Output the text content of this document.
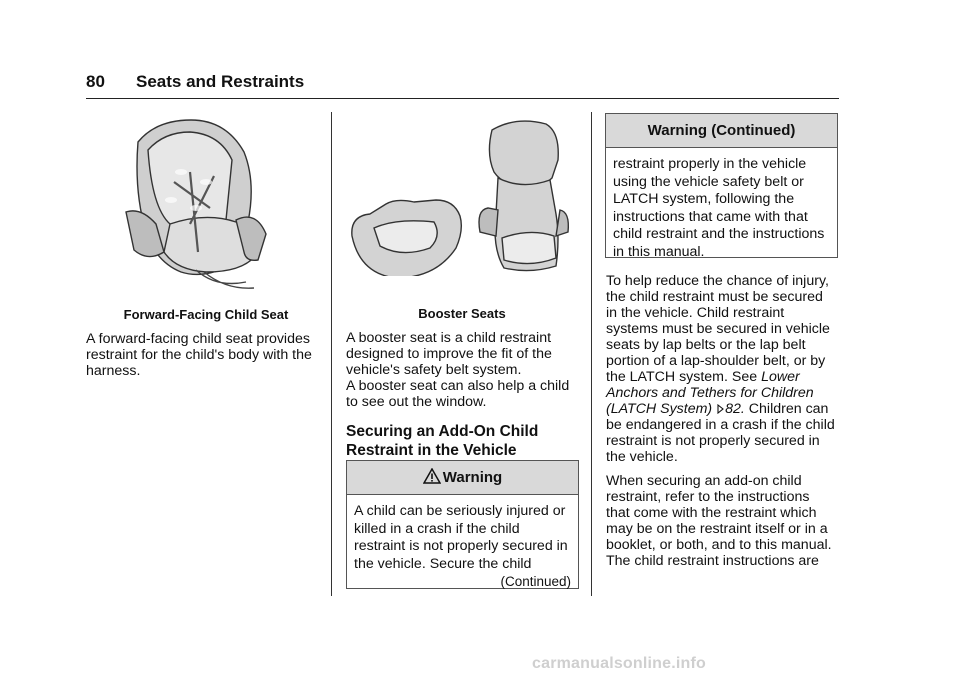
80 Seats and Restraints
Forward-Facing Child Seat

A forward-facing child seat provides
restraint for the child's body with the
harness.

Booster Seats

A booster seat is a child restraint
designed to improve the fit of the
vehicle's safety belt system.
A booster seat can also help a child
to see out the window.

Securing an Add-On Child
Restraint in the Vehicle
Warning
A child can be seriously injured or
killed in a crash if the child
restraint is not properly secured in
the vehicle. Secure the child
(Continued)
Warning (Continued)
restraint properly in the vehicle
using the vehicle safety belt or
LATCH system, following the
instructions that came with that
child restraint and the instructions
in this manual.

To help reduce the chance of injury,
the child restraint must be secured
in the vehicle. Child restraint
systems must be secured in vehicle
seats by lap belts or the lap belt
portion of a lap-shoulder belt, or by
the LATCH system. See Lower
Anchors and Tethers for Children
(LATCH System) 82. Children can
be endangered in a crash if the child
restraint is not properly secured in
the vehicle.

When securing an add-on child
restraint, refer to the instructions
that come with the restraint which
may be on the restraint itself or in a
booklet, or both, and to this manual.
The child restraint instructions are

carmanualsonline.info
